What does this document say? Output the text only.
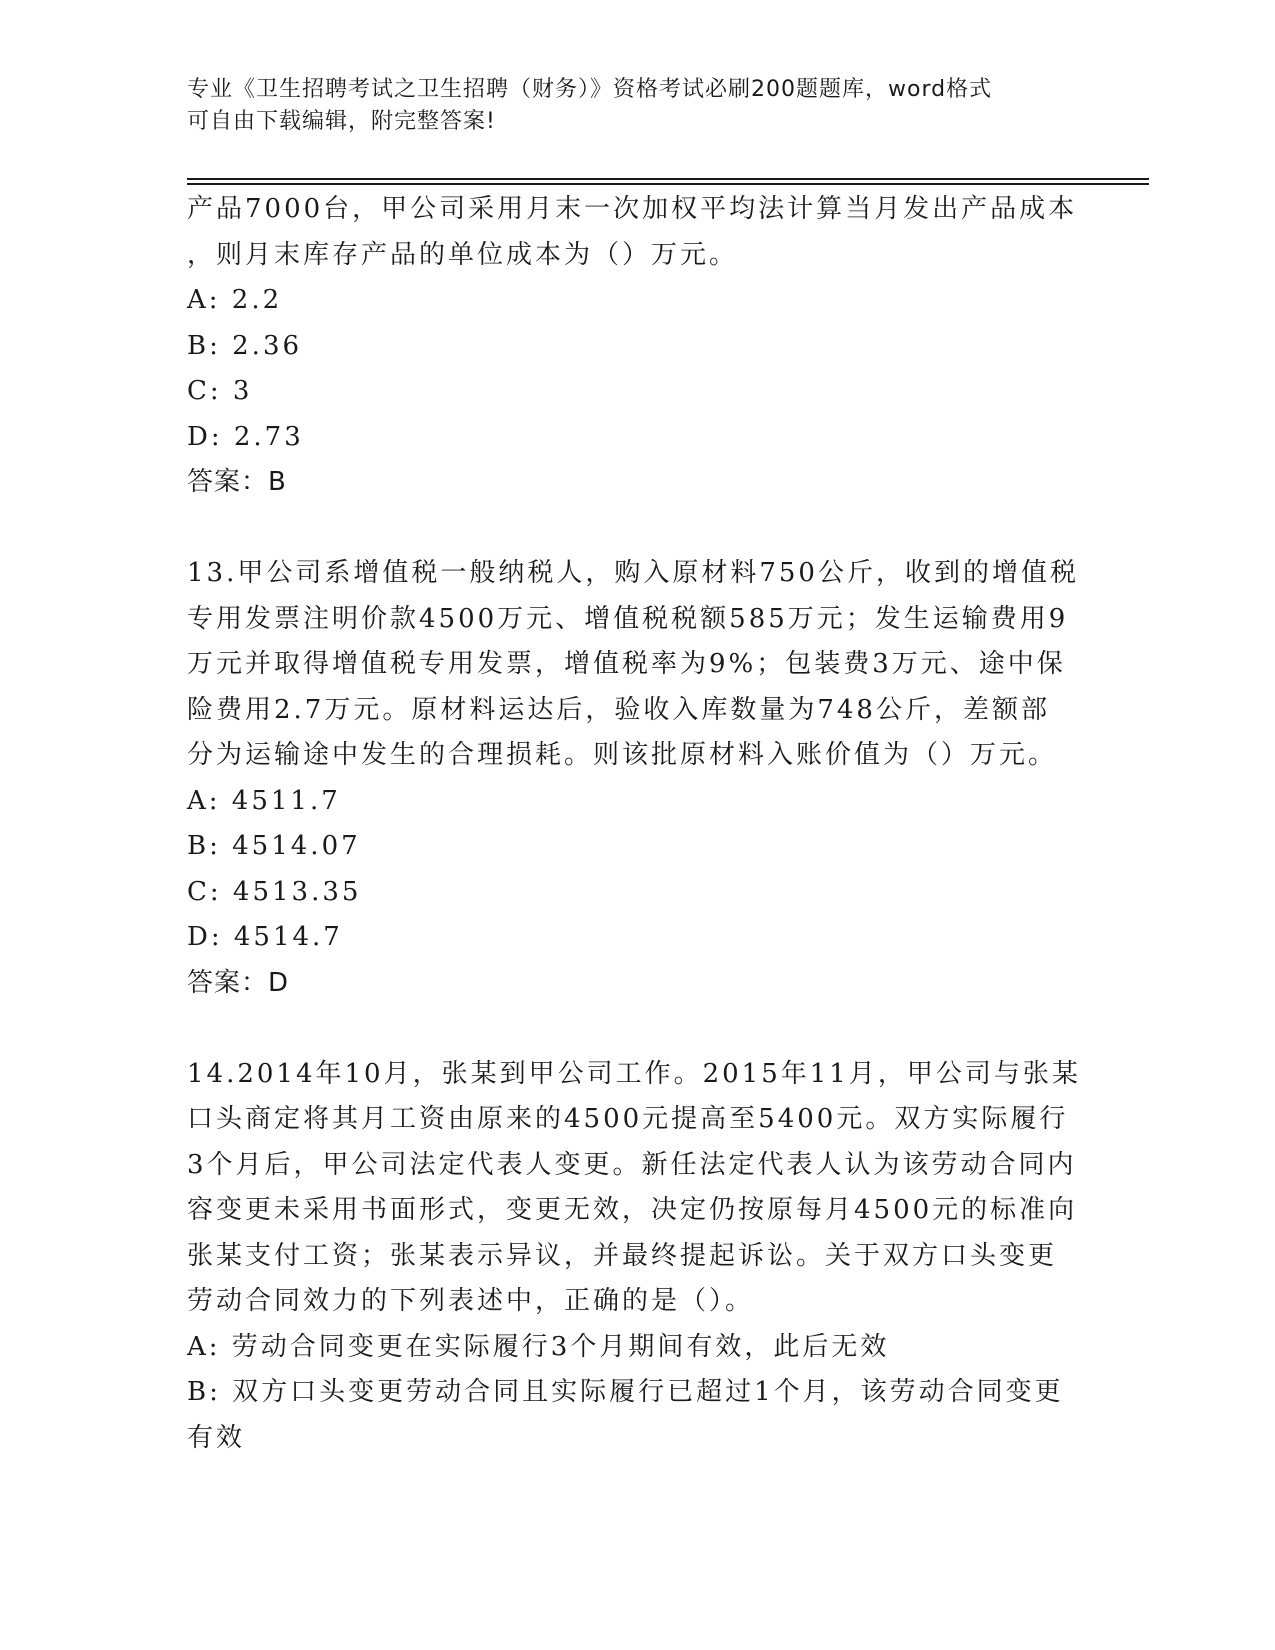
专业《卫生招聘考试之卫生招聘（财务）》资格考试必刷200题题库，word格式
可自由下载编辑，附完整答案!
产品7000台，甲公司采用月末一次加权平均法计算当月发出产品成本
，则月末库存产品的单位成本为（）万元。
A: 2.2
B: 2.36
C: 3
D: 2.73
答案：B
13.甲公司系增值税一般纳税人，购入原材料750公斤，收到的增值税
专用发票注明价款4500万元、增值税税额585万元；发生运输费用9
万元并取得增值税专用发票，增值税率为9%；包装费3万元、途中保
险费用2.7万元。原材料运达后，验收入库数量为748公斤，差额部
分为运输途中发生的合理损耗。则该批原材料入账价值为（）万元。
A: 4511.7
B: 4514.07
C: 4513.35
D: 4514.7
答案：D
14.2014年10月，张某到甲公司工作。2015年11月，甲公司与张某
口头商定将其月工资由原来的4500元提高至5400元。双方实际履行
3个月后，甲公司法定代表人变更。新任法定代表人认为该劳动合同内
容变更未采用书面形式，变更无效，决定仍按原每月4500元的标准向
张某支付工资；张某表示异议，并最终提起诉讼。关于双方口头变更
劳动合同效力的下列表述中，正确的是（）。
A: 劳动合同变更在实际履行3个月期间有效，此后无效
B: 双方口头变更劳动合同且实际履行已超过1个月，该劳动合同变更
有效
